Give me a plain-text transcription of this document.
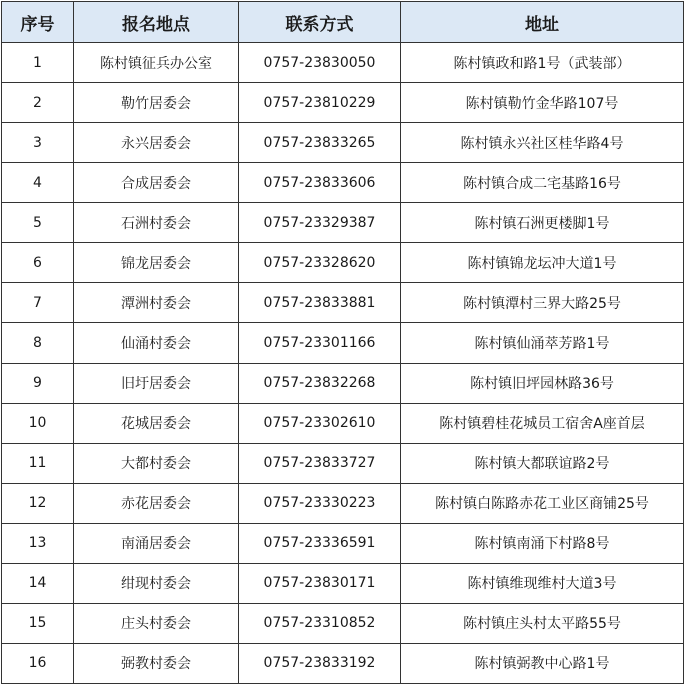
序号	报名地点	联系方式	地址
1	陈村镇征兵办公室	0757-23830050	陈村镇政和路1号（武装部）
2	勒竹居委会	0757-23810229	陈村镇勒竹金华路107号
3	永兴居委会	0757-23833265	陈村镇永兴社区桂华路4号
4	合成居委会	0757-23833606	陈村镇合成二宅基路16号
5	石洲村委会	0757-23329387	陈村镇石洲更楼脚1号
6	锦龙居委会	0757-23328620	陈村镇锦龙坛冲大道1号
7	潭洲村委会	0757-23833881	陈村镇潭村三界大路25号
8	仙涌村委会	0757-23301166	陈村镇仙涌萃芳路1号
9	旧圩居委会	0757-23832268	陈村镇旧坪园林路36号
10	花城居委会	0757-23302610	陈村镇碧桂花城员工宿舍A座首层
11	大都村委会	0757-23833727	陈村镇大都联谊路2号
12	赤花居委会	0757-23330223	陈村镇白陈路赤花工业区商铺25号
13	南涌居委会	0757-23336591	陈村镇南涌下村路8号
14	绀现村委会	0757-23830171	陈村镇维现维村大道3号
15	庄头村委会	0757-23310852	陈村镇庄头村太平路55号
16	弼教村委会	0757-23833192	陈村镇弼教中心路1号
